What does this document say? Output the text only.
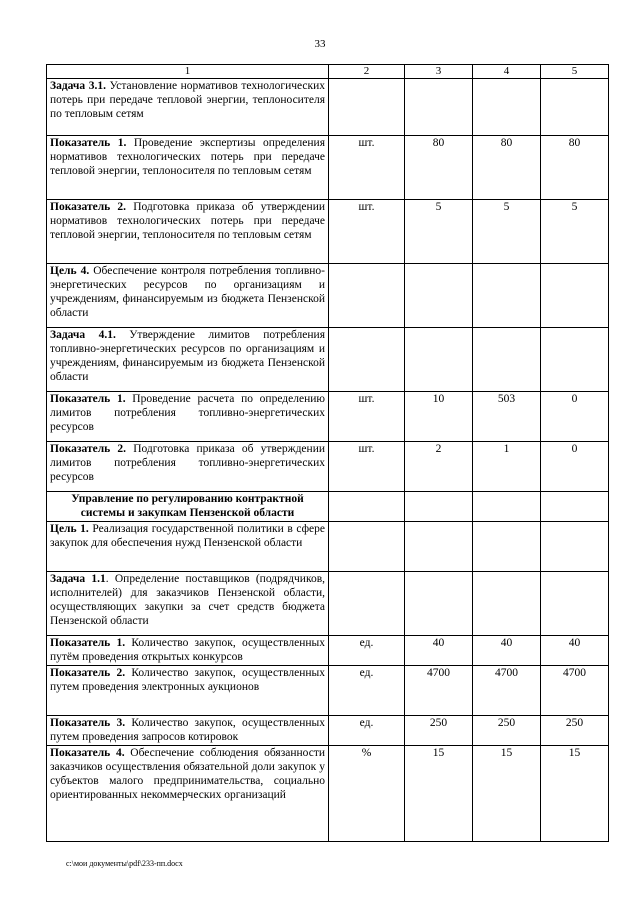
33
1	2	3	4	5
Задача 3.1. Установление нормативов технологических потерь при передаче тепловой энергии, теплоносителя по тепловым сетям				
Показатель 1. Проведение экспертизы определения нормативов технологических потерь при передаче тепловой энергии, теплоносителя по тепловым сетям	шт.	80	80	80
Показатель 2. Подготовка приказа об утверждении нормативов технологических потерь при передаче тепловой энергии, теплоносителя по тепловым сетям	шт.	5	5	5
Цель 4. Обеспечение контроля потребления топливно-энергетических ресурсов по организациям и учреждениям, финансируемым из бюджета Пензенской области				
Задача 4.1. Утверждение лимитов потребления топливно-энергетических ресурсов по организациям и учреждениям, финансируемым из бюджета Пензенской области				
Показатель 1. Проведение расчета по определению лимитов потребления топливно-энергетических ресурсов	шт.	10	503	0
Показатель 2. Подготовка приказа об утверждении лимитов потребления топливно-энергетических ресурсов	шт.	2	1	0
Управление по регулированию контрактной системы и закупкам Пензенской области				
Цель 1. Реализация государственной политики в сфере закупок для обеспечения нужд Пензенской области				
Задача 1.1. Определение поставщиков (подрядчиков, исполнителей) для заказчиков Пензенской области, осуществляющих закупки за счет средств бюджета Пензенской области				
Показатель 1. Количество закупок, осуществленных путём проведения открытых конкурсов	ед.	40	40	40
Показатель 2. Количество закупок, осуществленных путем проведения электронных аукционов	ед.	4700	4700	4700
Показатель 3. Количество закупок, осуществленных путем проведения запросов котировок	ед.	250	250	250
Показатель 4. Обеспечение соблюдения обязанности заказчиков осуществления обязательной доли закупок у субъектов малого предпринимательства, социально ориентированных некоммерческих организаций	%	15	15	15
c:\мои документы\pdf\233-пп.docx
